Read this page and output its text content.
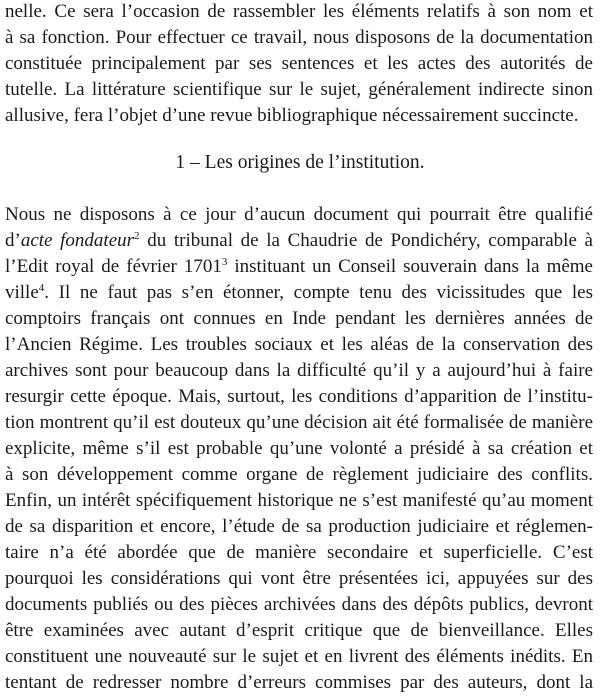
nelle. Ce sera l’occasion de rassembler les éléments relatifs à son nom et
à sa fonction. Pour effectuer ce travail, nous disposons de la documentation
constituée principalement par ses sentences et les actes des autorités de
tutelle. La littérature scientifique sur le sujet, généralement indirecte sinon
allusive, fera l’objet d’une revue bibliographique nécessairement succincte.
1 – Les origines de l’institution.
Nous ne disposons à ce jour d’aucun document qui pourrait être qualifié
d’acte fondateur$^2$ du tribunal de la Chaudrie de Pondichéry, comparable à
l’Edit royal de février 1701$^3$ instituant un Conseil souverain dans la même
ville$^4$. Il ne faut pas s’en étonner, compte tenu des vicissitudes que les
comptoirs français ont connues en Inde pendant les dernières années de
l’Ancien Régime. Les troubles sociaux et les aléas de la conservation des
archives sont pour beaucoup dans la difficulté qu’il y a aujourd’hui à faire
resurgir cette époque. Mais, surtout, les conditions d’apparition de l’institu-
tion montrent qu’il est douteux qu’une décision ait été formalisée de manière
explicite, même s’il est probable qu’une volonté a présidé à sa création et
à son développement comme organe de règlement judiciaire des conflits.
Enfin, un intérêt spécifiquement historique ne s’est manifesté qu’au moment
de sa disparition et encore, l’étude de sa production judiciaire et réglemen-
taire n’a été abordée que de manière secondaire et superficielle. C’est
pourquoi les considérations qui vont être présentées ici, appuyées sur des
documents publiés ou des pièces archivées dans des dépôts publics, devront
être examinées avec autant d’esprit critique que de bienveillance. Elles
constituent une nouveauté sur le sujet et en livrent des éléments inédits. En
tentant de redresser nombre d’erreurs commises par des auteurs, dont la
